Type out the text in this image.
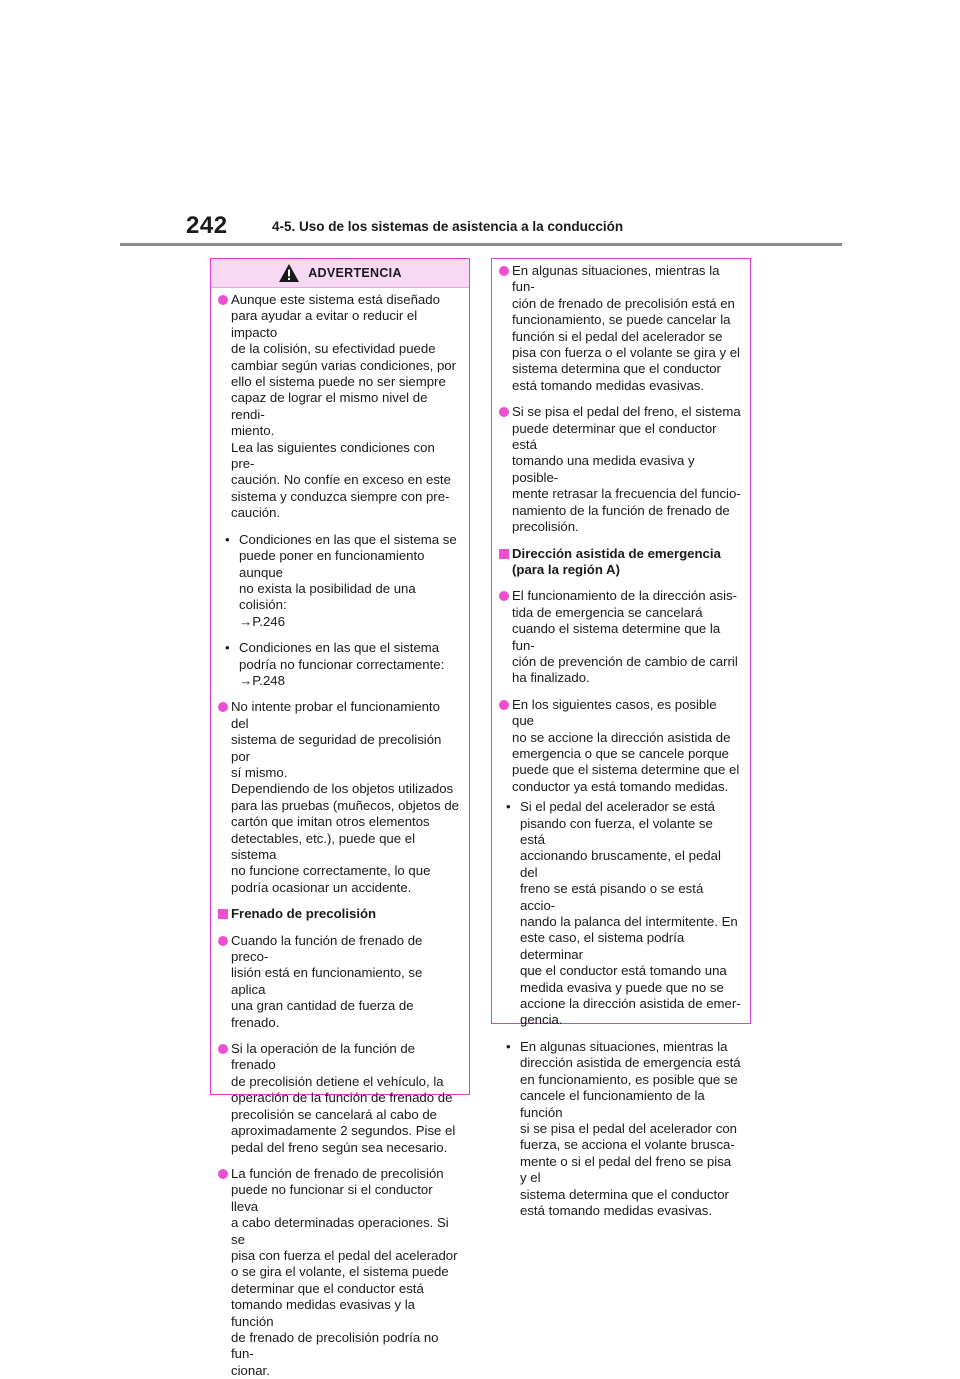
242	4-5. Uso de los sistemas de asistencia a la conducción
ADVERTENCIA
Aunque este sistema está diseñado
para ayudar a evitar o reducir el impacto
de la colisión, su efectividad puede
cambiar según varias condiciones, por
ello el sistema puede no ser siempre
capaz de lograr el mismo nivel de rendi-
miento.
Lea las siguientes condiciones con pre-
caución. No confíe en exceso en este
sistema y conduzca siempre con pre-
caución.
• Condiciones en las que el sistema se
puede poner en funcionamiento aunque
no exista la posibilidad de una colisión:
→P.246
• Condiciones en las que el sistema
podría no funcionar correctamente:
→P.248
No intente probar el funcionamiento del
sistema de seguridad de precolisión por
sí mismo.
Dependiendo de los objetos utilizados
para las pruebas (muñecos, objetos de
cartón que imitan otros elementos
detectables, etc.), puede que el sistema
no funcione correctamente, lo que
podría ocasionar un accidente.
Frenado de precolisión
Cuando la función de frenado de preco-
lisión está en funcionamiento, se aplica
una gran cantidad de fuerza de frenado.
Si la operación de la función de frenado
de precolisión detiene el vehículo, la
operación de la función de frenado de
precolisión se cancelará al cabo de
aproximadamente 2 segundos. Pise el
pedal del freno según sea necesario.
La función de frenado de precolisión
puede no funcionar si el conductor lleva
a cabo determinadas operaciones. Si se
pisa con fuerza el pedal del acelerador
o se gira el volante, el sistema puede
determinar que el conductor está
tomando medidas evasivas y la función
de frenado de precolisión podría no fun-
cionar.
En algunas situaciones, mientras la fun-
ción de frenado de precolisión está en
funcionamiento, se puede cancelar la
función si el pedal del acelerador se
pisa con fuerza o el volante se gira y el
sistema determina que el conductor
está tomando medidas evasivas.
Si se pisa el pedal del freno, el sistema
puede determinar que el conductor está
tomando una medida evasiva y posible-
mente retrasar la frecuencia del funcio-
namiento de la función de frenado de
precolisión.
Dirección asistida de emergencia
(para la región A)
El funcionamiento de la dirección asis-
tida de emergencia se cancelará
cuando el sistema determine que la fun-
ción de prevención de cambio de carril
ha finalizado.
En los siguientes casos, es posible que
no se accione la dirección asistida de
emergencia o que se cancele porque
puede que el sistema determine que el
conductor ya está tomando medidas.
• Si el pedal del acelerador se está
pisando con fuerza, el volante se está
accionando bruscamente, el pedal del
freno se está pisando o se está accio-
nando la palanca del intermitente. En
este caso, el sistema podría determinar
que el conductor está tomando una
medida evasiva y puede que no se
accione la dirección asistida de emer-
gencia.
• En algunas situaciones, mientras la
dirección asistida de emergencia está
en funcionamiento, es posible que se
cancele el funcionamiento de la función
si se pisa el pedal del acelerador con
fuerza, se acciona el volante brusca-
mente o si el pedal del freno se pisa y el
sistema determina que el conductor
está tomando medidas evasivas.
